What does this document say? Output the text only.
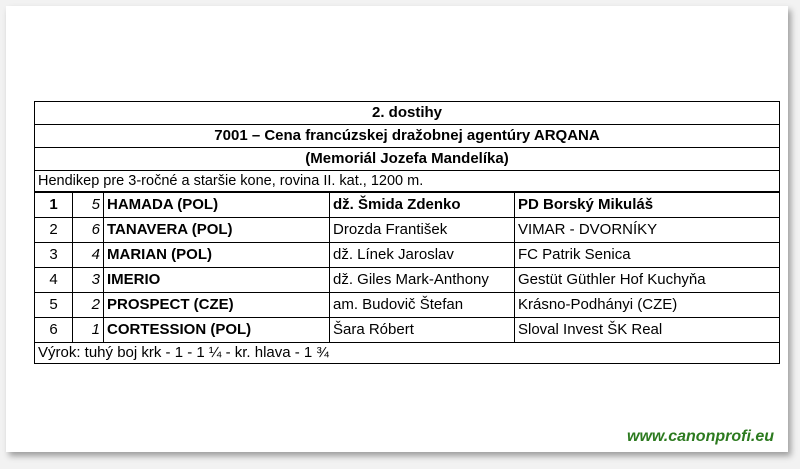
2. dostihy				
7001 – Cena francúzskej dražobnej agentúry ARQANA				
(Memoriál Jozefa Mandelíka)				
Hendikep pre 3-ročné a staršie kone, rovina II. kat., 1200 m.				
1	5	HAMADA (POL)	dž. Šmida Zdenko	PD Borský Mikuláš
2	6	TANAVERA (POL)	Drozda František	VIMAR - DVORNÍKY
3	4	MARIAN (POL)	dž. Línek Jaroslav	FC Patrik Senica
4	3	IMERIO	dž. Giles Mark-Anthony	Gestüt Güthler Hof Kuchyňa
5	2	PROSPECT (CZE)	am. Budovič Štefan	Krásno-Podhányi (CZE)
6	1	CORTESSION (POL)	Šara Róbert	Sloval Invest ŠK Real
Výrok: tuhý boj krk - 1 - 1 ¼ - kr. hlava - 1 ¾				
www.canonprofi.eu
